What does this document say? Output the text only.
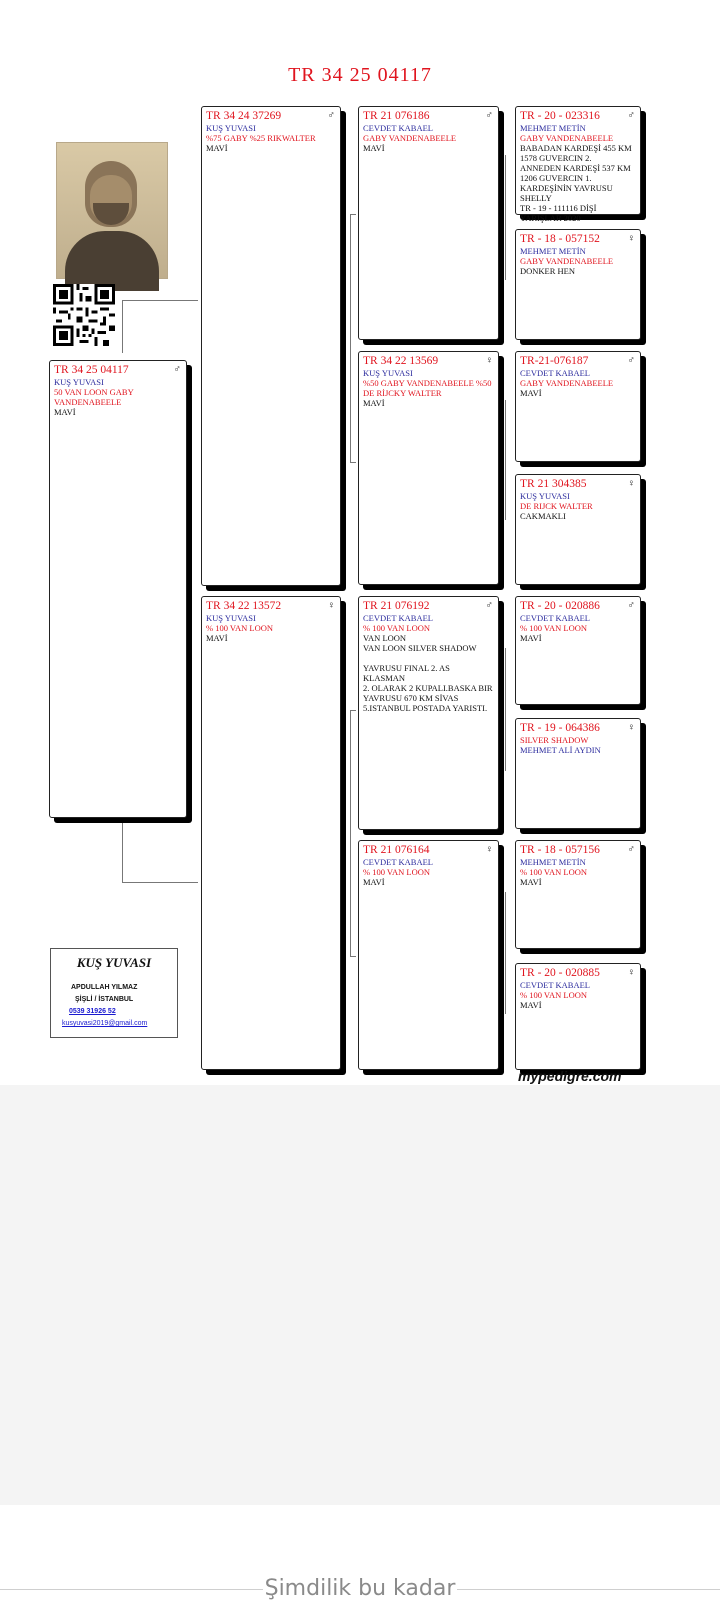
TR 34 25 04117
TR 34 25 04117	♂
KUŞ YUVASI
50 VAN LOON GABY VANDENABEELE
MAVİ
TR 34 24 37269	♂
KUŞ YUVASI
%75 GABY %25 RIKWALTER
MAVİ
TR 34 22 13572	♀
KUŞ YUVASI
% 100 VAN LOON
MAVİ
TR 21 076186	♂
CEVDET KABAEL
GABY VANDENABEELE
MAVİ
TR 34 22 13569	♀
KUŞ YUVASI
%50 GABY VANDENABEELE %50 DE RİJCKY WALTER
MAVİ
TR 21 076192	♂
CEVDET KABAEL
% 100 VAN LOON
VAN LOON
VAN LOON SILVER SHADOW

YAVRUSU FINAL 2. AS KLASMAN
2. OLARAK 2 KUPALI.BASKA BIR
YAVRUSU 670 KM SİVAS
5.ISTANBUL POSTADA YARISTI.
TR 21 076164	♀
CEVDET KABAEL
% 100 VAN LOON
MAVİ
TR - 20 - 023316	♂
MEHMET METİN
GABY VANDENABEELE
BABADAN KARDEŞİ 455 KM
1578 GUVERCIN 2.
ANNEDEN KARDEŞİ 537 KM
1206 GUVERCIN 1.
KARDEŞİNİN YAVRUSU SHELLY
TR - 19 - 111116 DİŞİ
YARIŞLAR 2020
TR - 18 - 057152	♀
MEHMET METİN
GABY VANDENABEELE
DONKER HEN
TR-21-076187	♂
CEVDET KABAEL
GABY VANDENABEELE
MAVİ
TR 21 304385	♀
KUŞ YUVASI
DE RIJCK WALTER
CAKMAKLI
TR - 20 - 020886	♂
CEVDET KABAEL
% 100 VAN LOON
MAVİ
TR - 19 - 064386	♀
SILVER SHADOW
MEHMET ALİ AYDIN
TR - 18 - 057156	♂
MEHMET METİN
% 100 VAN LOON
MAVİ
TR - 20 - 020885	♀
CEVDET KABAEL
% 100 VAN LOON
MAVİ
KUŞ YUVASI
APDULLAH YILMAZ
ŞİŞLİ / İSTANBUL
0539 31926 52
kusyuvasi2019@gmail.com
mypedigre.com
Şimdilik bu kadar
